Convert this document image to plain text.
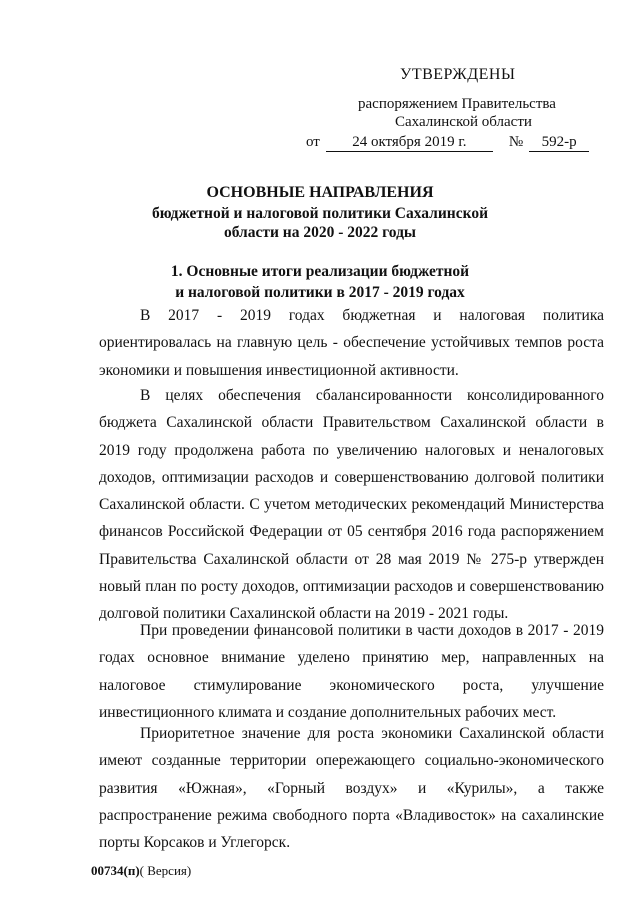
УТВЕРЖДЕНЫ
распоряжением Правительства
Сахалинской области
от 24 октября 2019 г.	№ 592-р
ОСНОВНЫЕ НАПРАВЛЕНИЯ
бюджетной и налоговой политики Сахалинской
области на 2020 - 2022 годы
1. Основные итоги реализации бюджетной
и налоговой политики в 2017 - 2019 годах
В 2017 - 2019 годах бюджетная и налоговая политика ориентировалась на главную цель - обеспечение устойчивых темпов роста экономики и повышения инвестиционной активности.
В целях обеспечения сбалансированности консолидированного бюджета Сахалинской области Правительством Сахалинской области в 2019 году продолжена работа по увеличению налоговых и неналоговых доходов, оптимизации расходов и совершенствованию долговой политики Сахалинской области. С учетом методических рекомендаций Министерства финансов Российской Федерации от 05 сентября 2016 года распоряжением Правительства Сахалинской области от 28 мая 2019 № 275-р утвержден новый план по росту доходов, оптимизации расходов и совершенствованию долговой политики Сахалинской области на 2019 - 2021 годы.
При проведении финансовой политики в части доходов в 2017 - 2019 годах основное внимание уделено принятию мер, направленных на налоговое стимулирование экономического роста, улучшение инвестиционного климата и создание дополнительных рабочих мест.
Приоритетное значение для роста экономики Сахалинской области имеют созданные территории опережающего социально-экономического развития «Южная», «Горный воздух» и «Курилы», а также распространение режима свободного порта «Владивосток» на сахалинские порты Корсаков и Углегорск.
00734(п)( Версия)
